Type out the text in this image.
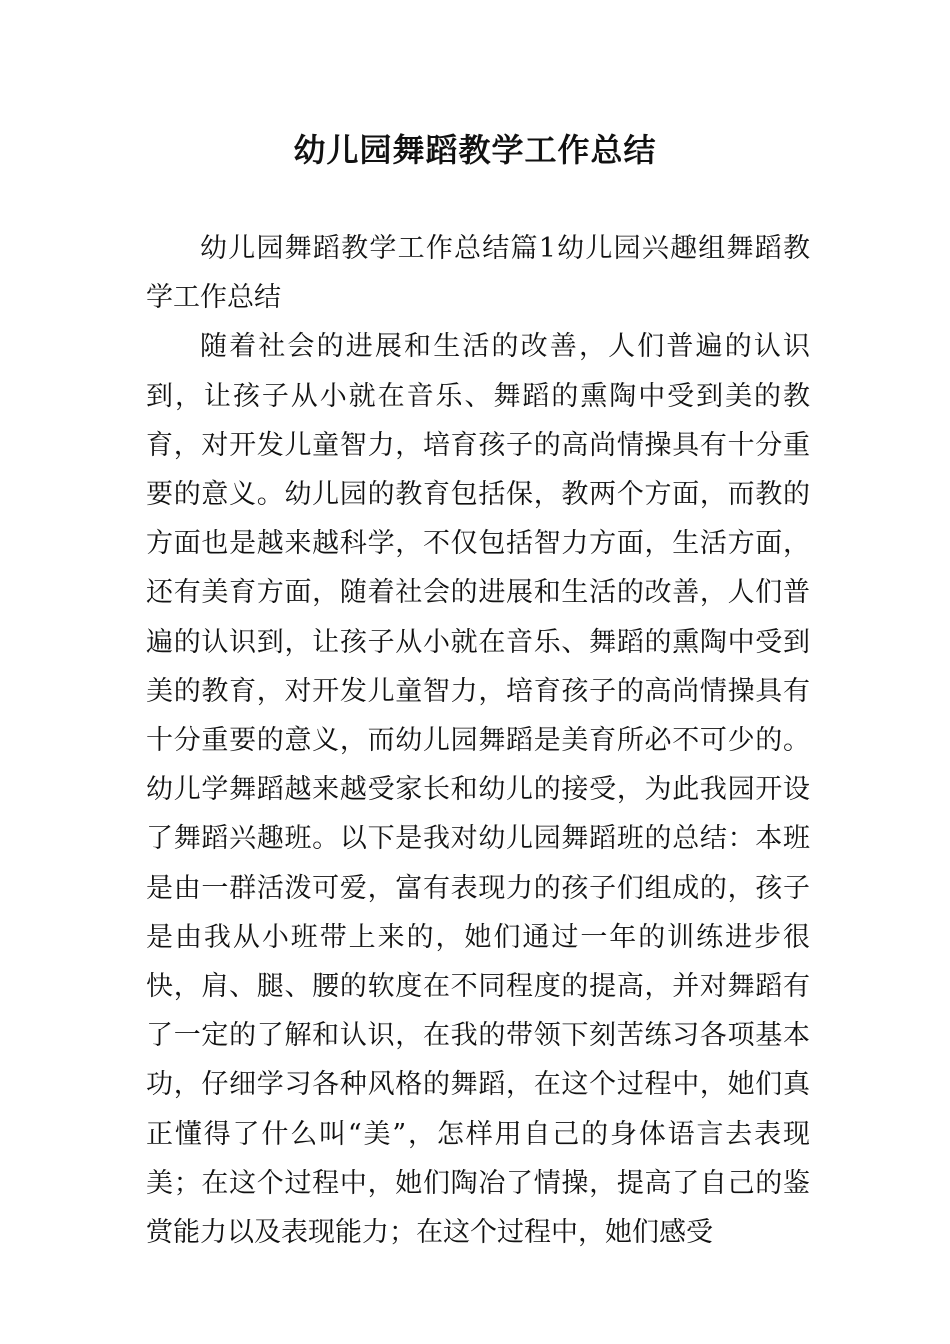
幼儿园舞蹈教学工作总结

幼儿园舞蹈教学工作总结篇1幼儿园兴趣组舞蹈教学工作总结

随着社会的进展和生活的改善，人们普遍的认识到，让孩子从小就在音乐、舞蹈的熏陶中受到美的教育，对开发儿童智力，培育孩子的高尚情操具有十分重要的意义。幼儿园的教育包括保，教两个方面，而教的方面也是越来越科学，不仅包括智力方面，生活方面，还有美育方面，随着社会的进展和生活的改善，人们普遍的认识到，让孩子从小就在音乐、舞蹈的熏陶中受到美的教育，对开发儿童智力，培育孩子的高尚情操具有十分重要的意义，而幼儿园舞蹈是美育所必不可少的。幼儿学舞蹈越来越受家长和幼儿的接受，为此我园开设了舞蹈兴趣班。以下是我对幼儿园舞蹈班的总结：本班是由一群活泼可爱，富有表现力的孩子们组成的，孩子是由我从小班带上来的，她们通过一年的训练进步很快，肩、腿、腰的软度在不同程度的提高，并对舞蹈有了一定的了解和认识，在我的带领下刻苦练习各项基本功，仔细学习各种风格的舞蹈，在这个过程中，她们真正懂得了什么叫“美”，怎样用自己的身体语言去表现美；在这个过程中，她们陶冶了情操，提高了自己的鉴赏能力以及表现能力；在这个过程中，她们感受
